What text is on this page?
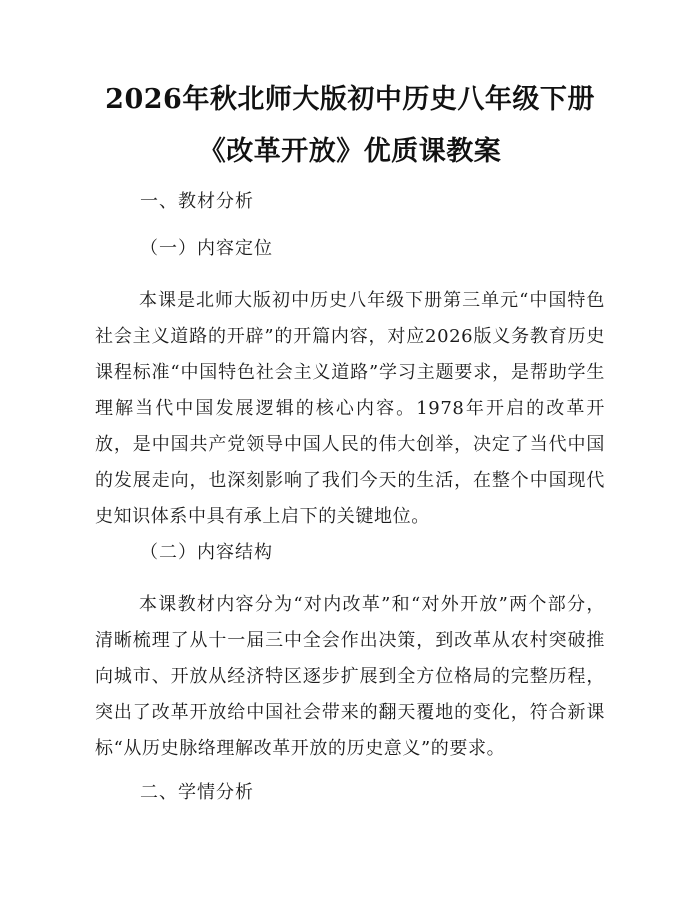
2026年秋北师大版初中历史八年级下册《改革开放》优质课教案

一、教材分析

（一）内容定位

本课是北师大版初中历史八年级下册第三单元“中国特色社会主义道路的开辟”的开篇内容，对应2026版义务教育历史课程标准“中国特色社会主义道路”学习主题要求，是帮助学生理解当代中国发展逻辑的核心内容。1978年开启的改革开放，是中国共产党领导中国人民的伟大创举，决定了当代中国的发展走向，也深刻影响了我们今天的生活，在整个中国现代史知识体系中具有承上启下的关键地位。

（二）内容结构

本课教材内容分为“对内改革”和“对外开放”两个部分，清晰梳理了从十一届三中全会作出决策，到改革从农村突破推向城市、开放从经济特区逐步扩展到全方位格局的完整历程，突出了改革开放给中国社会带来的翻天覆地的变化，符合新课标“从历史脉络理解改革开放的历史意义”的要求。

二、学情分析
